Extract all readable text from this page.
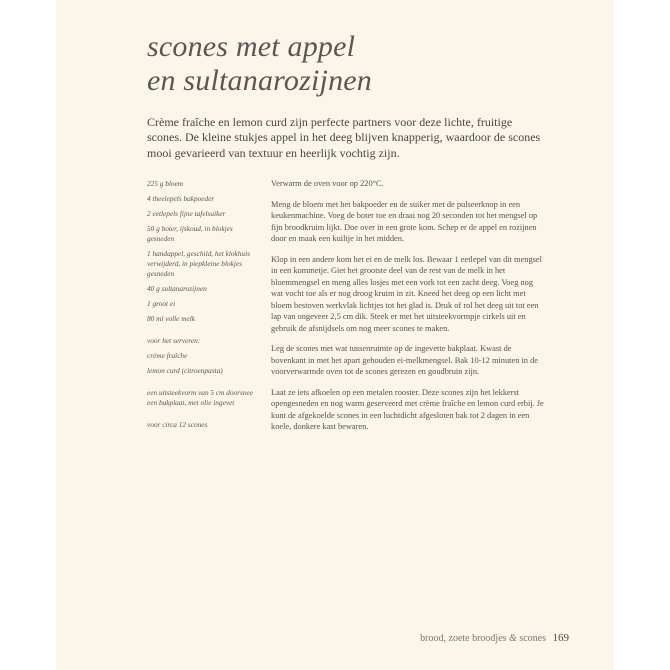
scones met appel
en sultanarozijnen

Crème fraîche en lemon curd zijn perfecte partners voor deze lichte, fruitige scones. De kleine stukjes appel in het deeg blijven knapperig, waardoor de scones mooi gevarieerd van textuur en heerlijk vochtig zijn.

225 g bloem
4 theelepels bakpoeder
2 eetlepels fijne tafelsuiker
50 g boter, ijskoud, in blokjes gesneden
1 handappel, geschild, het klokhuis verwijderd, in piepkleine blokjes gesneden
40 g sultanarozijnen
1 groot ei
80 ml volle melk
voor het serveren:
crème fraîche
lemon curd (citroenpasta)
een uitsteekvorm van 5 cm doorsnee
een bakplaat, met olie ingevet
voor circa 12 scones

Verwarm de oven voor op 220°C.

Meng de bloem met het bakpoeder en de suiker met de pulseerknop in een keukenmachine. Voeg de boter toe en draai nog 20 seconden tot het mengsel op fijn broodkruim lijkt. Doe over in een grote kom. Schep er de appel en rozijnen door en maak een kuiltje in het midden.

Klop in een andere kom het ei en de melk los. Bewaar 1 eetlepel van dit mengsel in een kommetje. Giet het grootste deel van de rest van de melk in het bloemmengsel en meng alles losjes met een vork tot een zacht deeg. Voeg nog wat vocht toe als er nog droog kruim in zit. Kneed het deeg op een licht met bloem bestoven werkvlak lichtjes tot het glad is. Druk of rol het deeg uit tot een lap van ongeveer 2,5 cm dik. Steek er met het uitsteekvormpje cirkels uit en gebruik de afsnijdsels om nog meer scones te maken.

Leg de scones met wat tussenruimte op de ingevette bakplaat. Kwast de bovenkant in met het apart gehouden ei-melkmengsel. Bak 10-12 minuten in de voorverwarmde oven tot de scones gerezen en goudbruin zijn.

Laat ze iets afkoelen op een metalen rooster. Deze scones zijn het lekkerst opengesneden en nog warm geserveerd met crème fraîche en lemon curd erbij. Je kunt de afgekoelde scones in een luchtdicht afgesloten bak tot 2 dagen in een koele, donkere kast bewaren.

brood, zoete broodjes & scones 169
